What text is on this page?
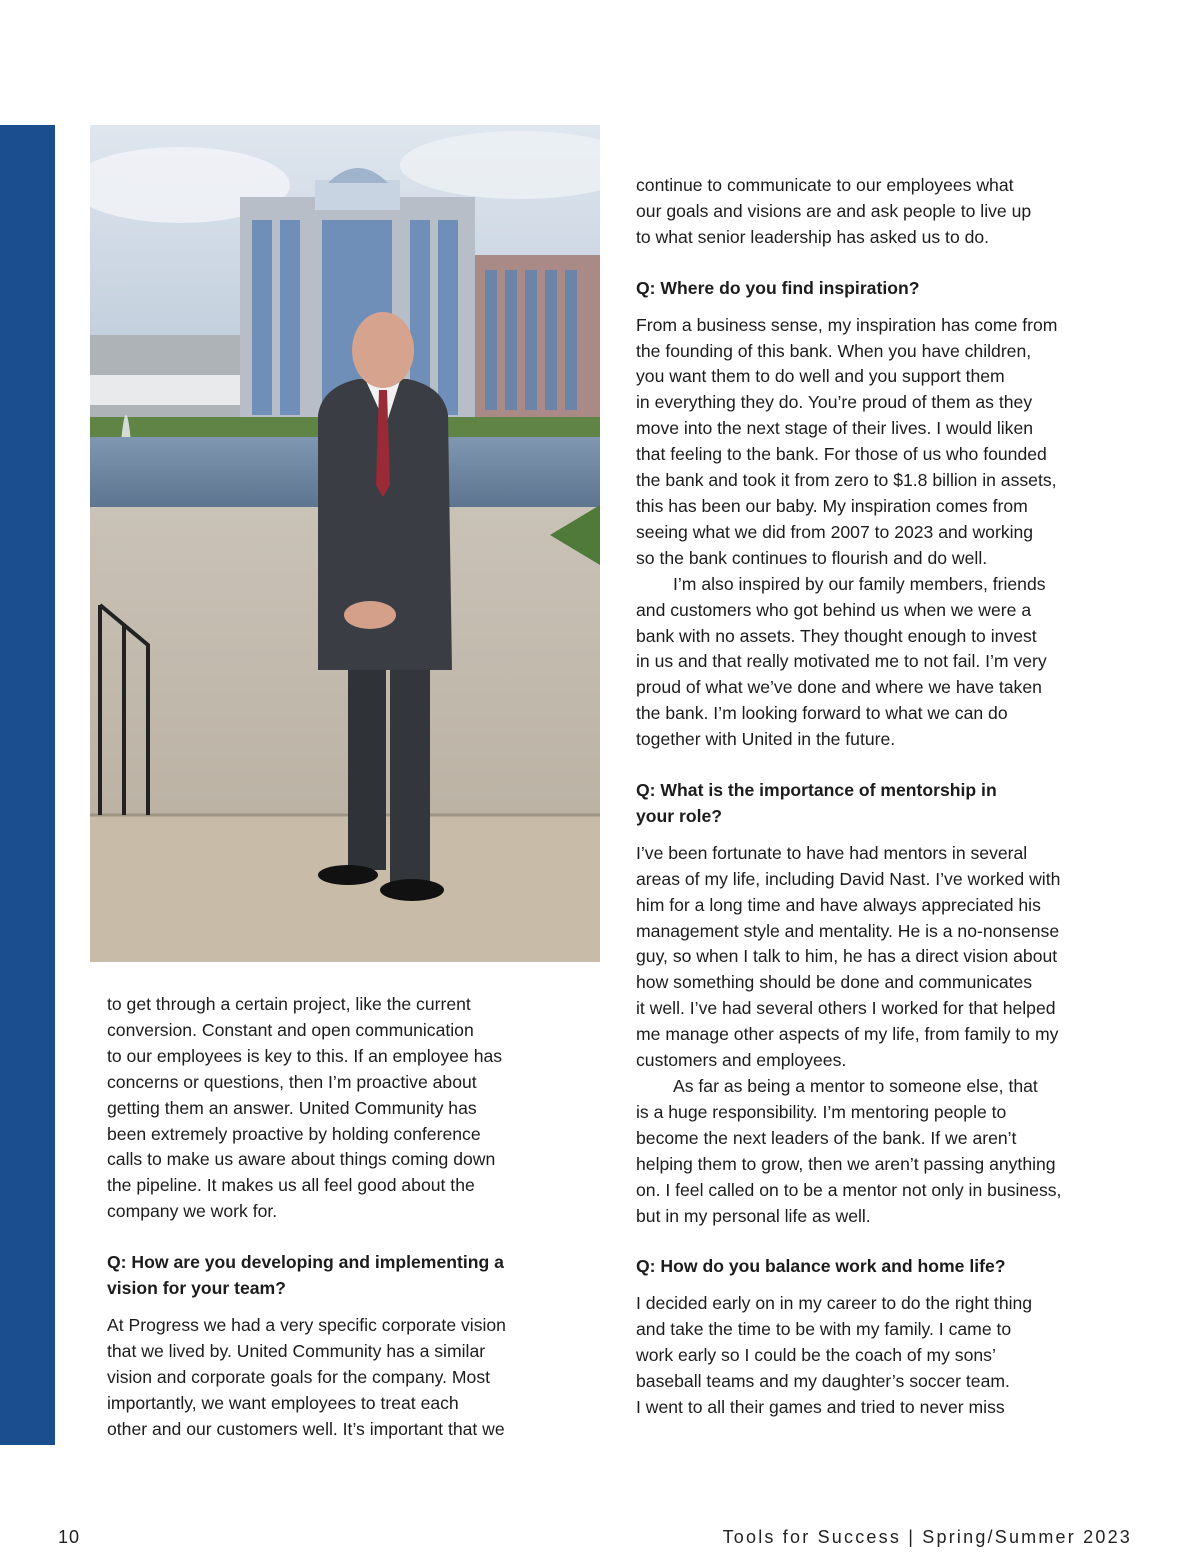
to get through a certain project, like the current

conversion. Constant and open communication

to our employees is key to this. If an employee has

concerns or questions, then I’m proactive about

getting them an answer. United Community has

been extremely proactive by holding conference

calls to make us aware about things coming down

the pipeline. It makes us all feel good about the

company we work for.

Q: How are you developing and implementing a

vision for your team?

At Progress we had a very specific corporate vision

that we lived by. United Community has a similar

vision and corporate goals for the company. Most

importantly, we want employees to treat each

other and our customers well. It’s important that we

continue to communicate to our employees what

our goals and visions are and ask people to live up

to what senior leadership has asked us to do.

Q: Where do you find inspiration?

From a business sense, my inspiration has come from

the founding of this bank. When you have children,

you want them to do well and you support them

in everything they do. You’re proud of them as they

move into the next stage of their lives. I would liken

that feeling to the bank. For those of us who founded

the bank and took it from zero to $1.8 billion in assets,

this has been our baby. My inspiration comes from

seeing what we did from 2007 to 2023 and working

so the bank continues to flourish and do well.

I’m also inspired by our family members, friends

and customers who got behind us when we were a

bank with no assets. They thought enough to invest

in us and that really motivated me to not fail. I’m very

proud of what we’ve done and where we have taken

the bank. I’m looking forward to what we can do

together with United in the future.

Q: What is the importance of mentorship in

your role?

I’ve been fortunate to have had mentors in several

areas of my life, including David Nast. I’ve worked with

him for a long time and have always appreciated his

management style and mentality. He is a no-nonsense

guy, so when I talk to him, he has a direct vision about

how something should be done and communicates

it well. I’ve had several others I worked for that helped

me manage other aspects of my life, from family to my

customers and employees.

As far as being a mentor to someone else, that

is a huge responsibility. I’m mentoring people to

become the next leaders of the bank. If we aren’t

helping them to grow, then we aren’t passing anything

on. I feel called on to be a mentor not only in business,

but in my personal life as well.

Q: How do you balance work and home life?

I decided early on in my career to do the right thing

and take the time to be with my family. I came to

work early so I could be the coach of my sons’

baseball teams and my daughter’s soccer team.

I went to all their games and tried to never miss

10	Tools for Success | Spring/Summer 2023
